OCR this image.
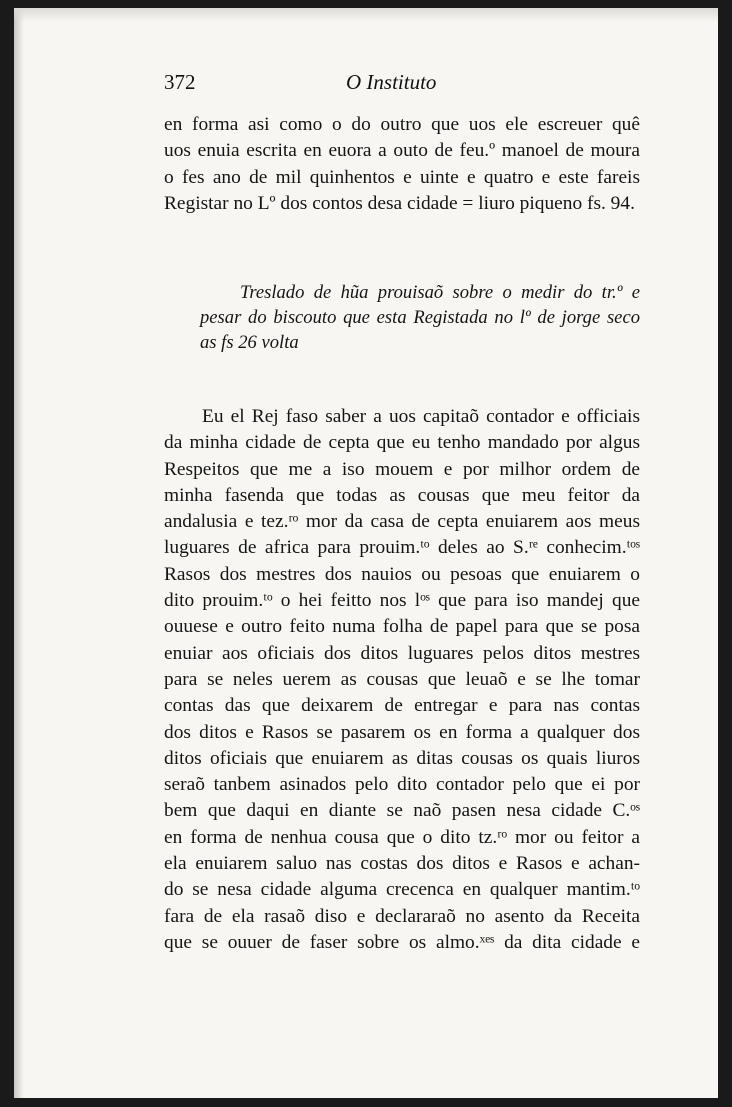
372	O Instituto
en forma asi como o do outro que uos ele escreuer quê
uos enuia escrita en euora a outo de feu.º manoel de moura
o fes ano de mil quinhentos e uinte e quatro e este fareis
Registar no Lº dos contos desa cidade = liuro piqueno fs. 94.
Treslado de hũa prouisaõ sobre o medir do tr.º e
pesar do biscouto que esta Registada no lº de jorge seco
as fs 26 volta
Eu el Rej faso saber a uos capitaõ contador e officiais
da minha cidade de cepta que eu tenho mandado por algus
Respeitos que me a iso mouem e por milhor ordem de
minha fasenda que todas as cousas que meu feitor da
andalusia e tez.ʳᵒ mor da casa de cepta enuiarem aos meus
luguares de africa para prouim.ᵗᵒ deles ao S.ʳᵉ conhecim.ᵗᵒˢ
Rasos dos mestres dos nauios ou pesoas que enuiarem o
dito prouim.ᵗᵒ o hei feitto nos lᵒˢ que para iso mandej que
ouuese e outro feito numa folha de papel para que se posa
enuiar aos oficiais dos ditos luguares pelos ditos mestres
para se neles uerem as cousas que leuaõ e se lhe tomar
contas das que deixarem de entregar e para nas contas
dos ditos e Rasos se pasarem os en forma a qualquer dos
ditos oficiais que enuiarem as ditas cousas os quais liuros
seraõ tanbem asinados pelo dito contador pelo que ei por
bem que daqui en diante se naõ pasen nesa cidade C.ᵒˢ
en forma de nenhua cousa que o dito tz.ʳᵒ mor ou feitor a
ela enuiarem saluo nas costas dos ditos e Rasos e achan-
do se nesa cidade alguma crecenca en qualquer mantim.ᵗᵒ
fara de ela rasaõ diso e declararaõ no asento da Receita
que se ouuer de faser sobre os almo.ˣᵉˢ da dita cidade e
